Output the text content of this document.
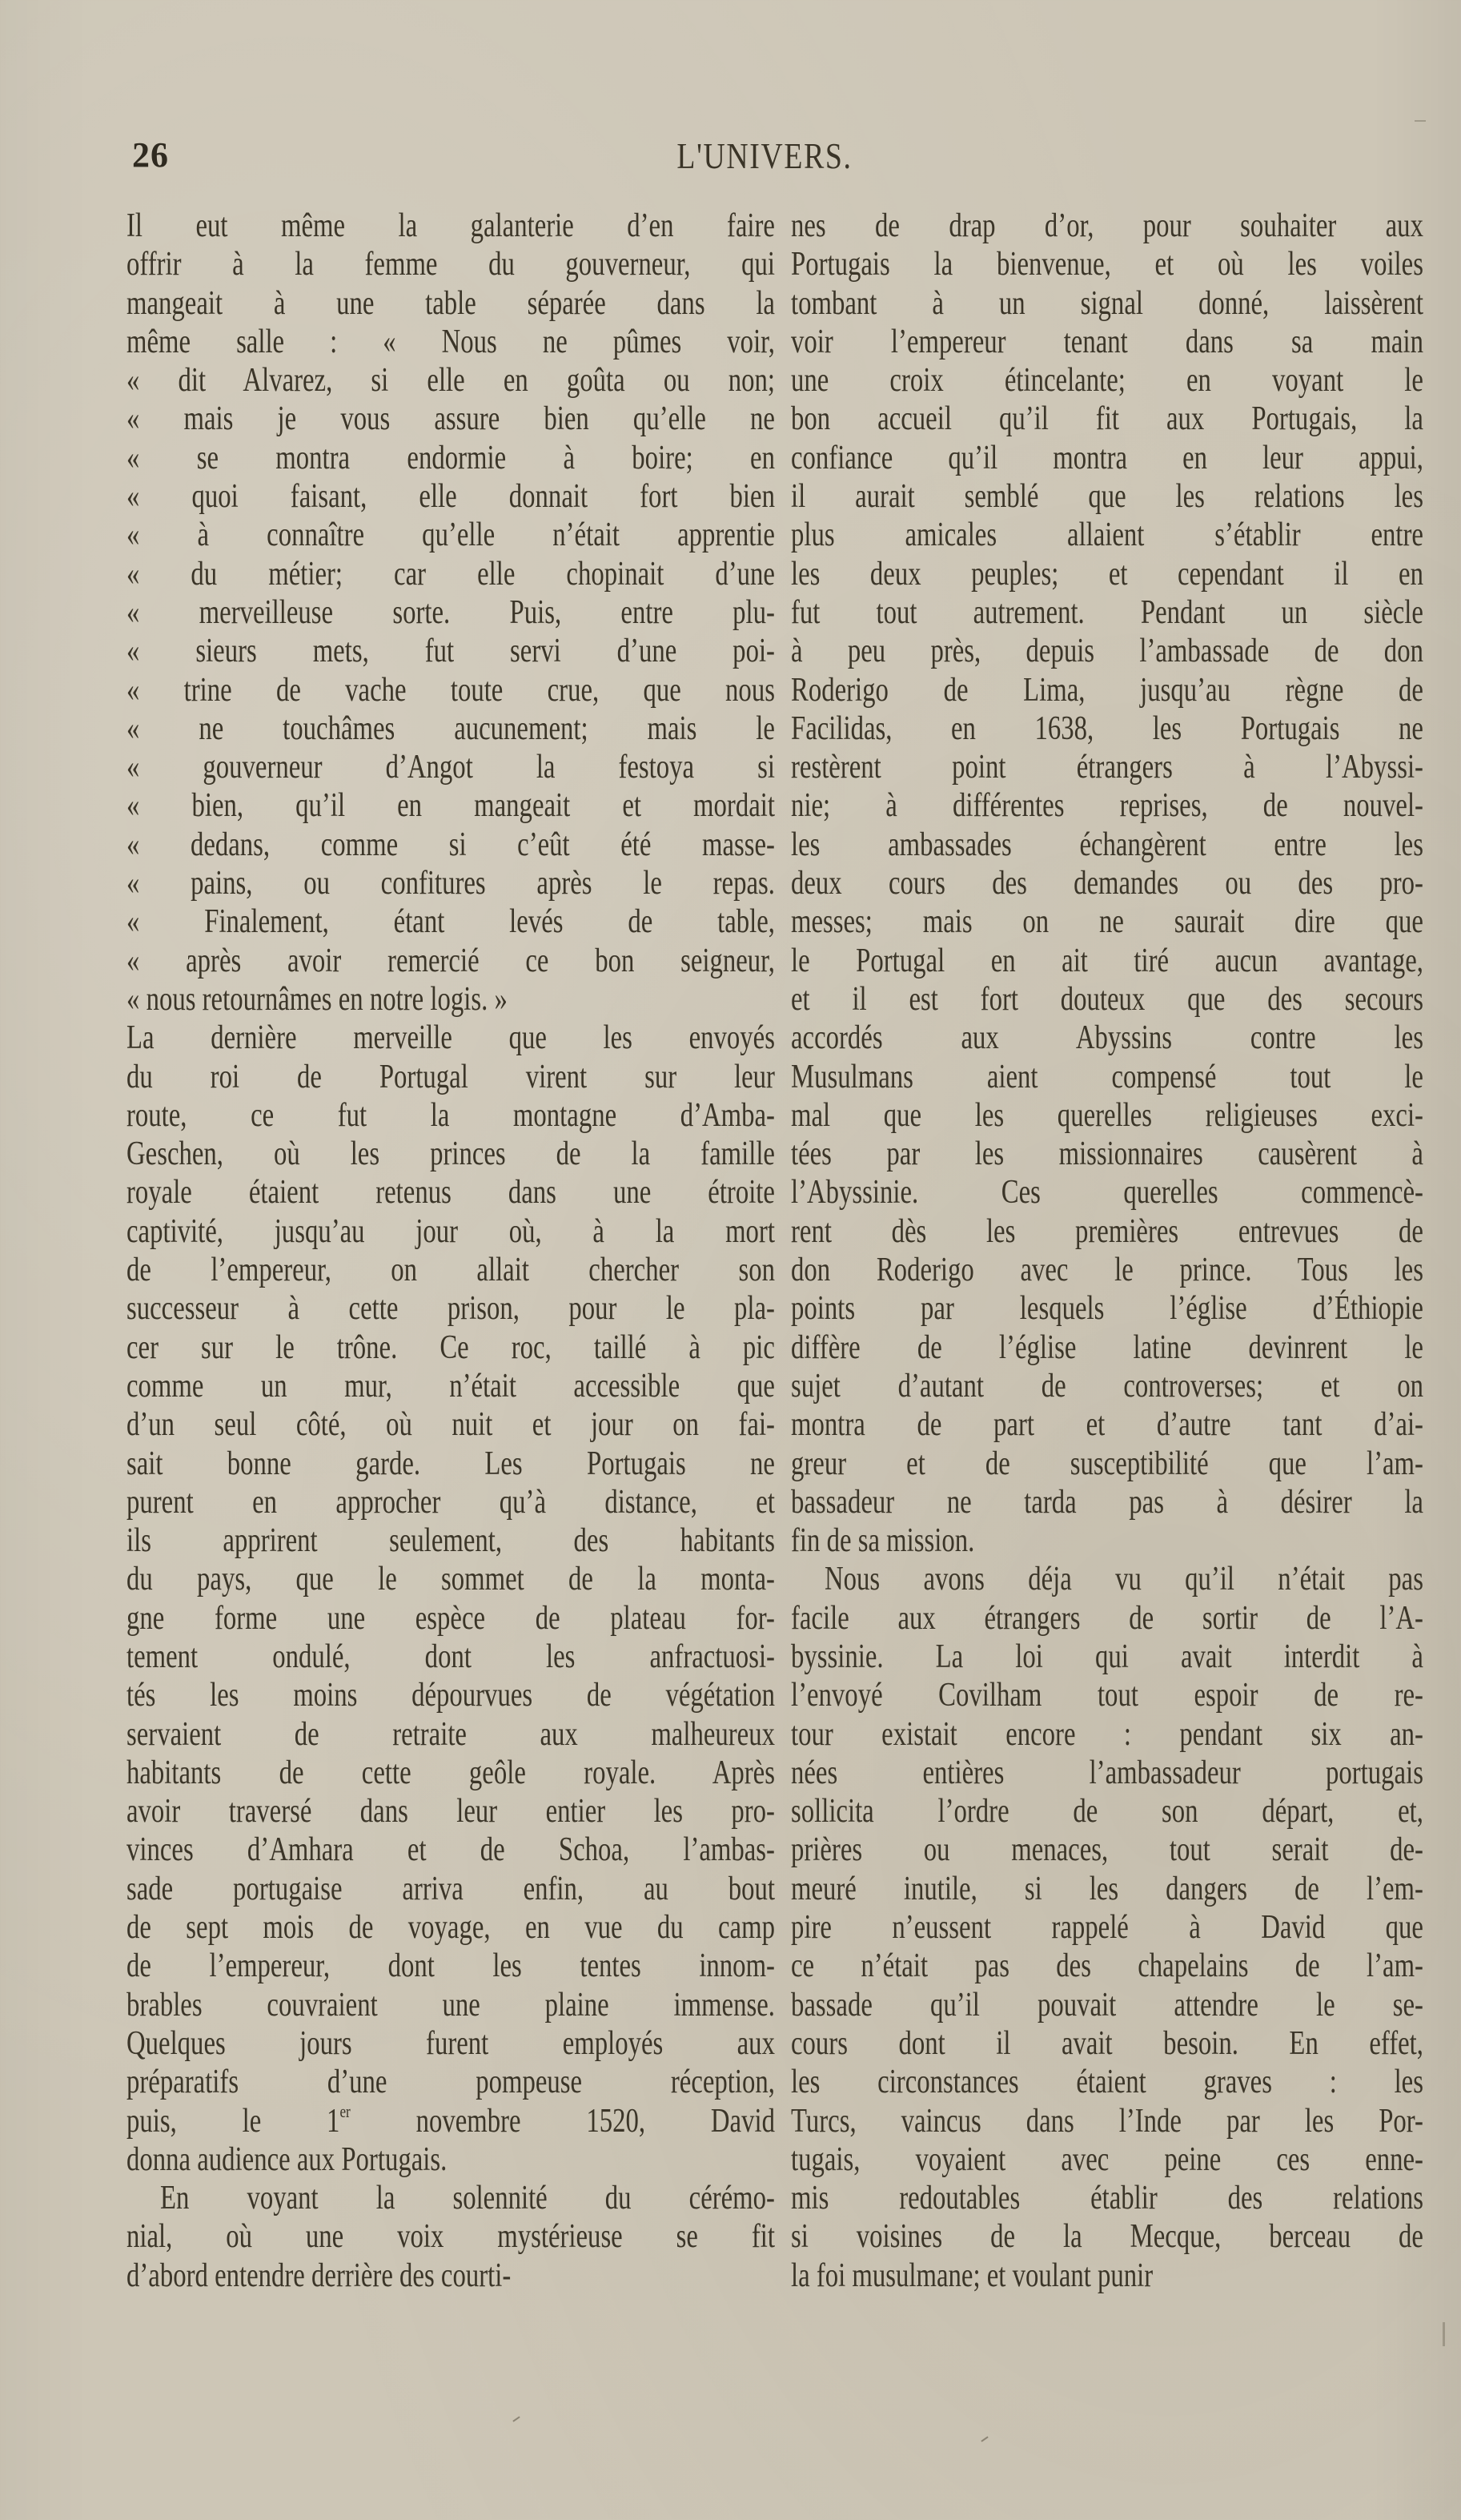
26	L'UNIVERS.
Il eut même la galanterie d’en faire
offrir à la femme du gouverneur, qui
mangeait à une table séparée dans la
même salle : « Nous ne pûmes voir,
« dit Alvarez, si elle en goûta ou non;
« mais je vous assure bien qu’elle ne
« se montra endormie à boire; en
« quoi faisant, elle donnait fort bien
« à connaître qu’elle n’était apprentie
« du métier; car elle chopinait d’une
« merveilleuse sorte. Puis, entre plu-
« sieurs mets, fut servi d’une poi-
« trine de vache toute crue, que nous
« ne touchâmes aucunement; mais le
« gouverneur d’Angot la festoya si
« bien, qu’il en mangeait et mordait
« dedans, comme si c’eût été masse-
« pains, ou confitures après le repas.
« Finalement, étant levés de table,
« après avoir remercié ce bon seigneur,
« nous retournâmes en notre logis. »
La dernière merveille que les envoyés
du roi de Portugal virent sur leur
route, ce fut la montagne d’Amba-
Geschen, où les princes de la famille
royale étaient retenus dans une étroite
captivité, jusqu’au jour où, à la mort
de l’empereur, on allait chercher son
successeur à cette prison, pour le pla-
cer sur le trône. Ce roc, taillé à pic
comme un mur, n’était accessible que
d’un seul côté, où nuit et jour on fai-
sait bonne garde. Les Portugais ne
purent en approcher qu’à distance, et
ils apprirent seulement, des habitants
du pays, que le sommet de la monta-
gne forme une espèce de plateau for-
tement ondulé, dont les anfractuosi-
tés les moins dépourvues de végétation
servaient de retraite aux malheureux
habitants de cette geôle royale. Après
avoir traversé dans leur entier les pro-
vinces d’Amhara et de Schoa, l’ambas-
sade portugaise arriva enfin, au bout
de sept mois de voyage, en vue du camp
de l’empereur, dont les tentes innom-
brables couvraient une plaine immense.
Quelques jours furent employés aux
préparatifs d’une pompeuse réception,
puis, le 1er novembre 1520, David
donna audience aux Portugais.
En voyant la solennité du cérémo-
nial, où une voix mystérieuse se fit
d’abord entendre derrière des courti-
nes de drap d’or, pour souhaiter aux
Portugais la bienvenue, et où les voiles
tombant à un signal donné, laissèrent
voir l’empereur tenant dans sa main
une croix étincelante; en voyant le
bon accueil qu’il fit aux Portugais, la
confiance qu’il montra en leur appui,
il aurait semblé que les relations les
plus amicales allaient s’établir entre
les deux peuples; et cependant il en
fut tout autrement. Pendant un siècle
à peu près, depuis l’ambassade de don
Roderigo de Lima, jusqu’au règne de
Facilidas, en 1638, les Portugais ne
restèrent point étrangers à l’Abyssi-
nie; à différentes reprises, de nouvel-
les ambassades échangèrent entre les
deux cours des demandes ou des pro-
messes; mais on ne saurait dire que
le Portugal en ait tiré aucun avantage,
et il est fort douteux que des secours
accordés aux Abyssins contre les
Musulmans aient compensé tout le
mal que les querelles religieuses exci-
tées par les missionnaires causèrent à
l’Abyssinie. Ces querelles commencè-
rent dès les premières entrevues de
don Roderigo avec le prince. Tous les
points par lesquels l’église d’Éthiopie
diffère de l’église latine devinrent le
sujet d’autant de controverses; et on
montra de part et d’autre tant d’ai-
greur et de susceptibilité que l’am-
bassadeur ne tarda pas à désirer la
fin de sa mission.
Nous avons déja vu qu’il n’était pas
facile aux étrangers de sortir de l’A-
byssinie. La loi qui avait interdit à
l’envoyé Covilham tout espoir de re-
tour existait encore : pendant six an-
nées entières l’ambassadeur portugais
sollicita l’ordre de son départ, et,
prières ou menaces, tout serait de-
meuré inutile, si les dangers de l’em-
pire n’eussent rappelé à David que
ce n’était pas des chapelains de l’am-
bassade qu’il pouvait attendre le se-
cours dont il avait besoin. En effet,
les circonstances étaient graves : les
Turcs, vaincus dans l’Inde par les Por-
tugais, voyaient avec peine ces enne-
mis redoutables établir des relations
si voisines de la Mecque, berceau de
la foi musulmane; et voulant punir
